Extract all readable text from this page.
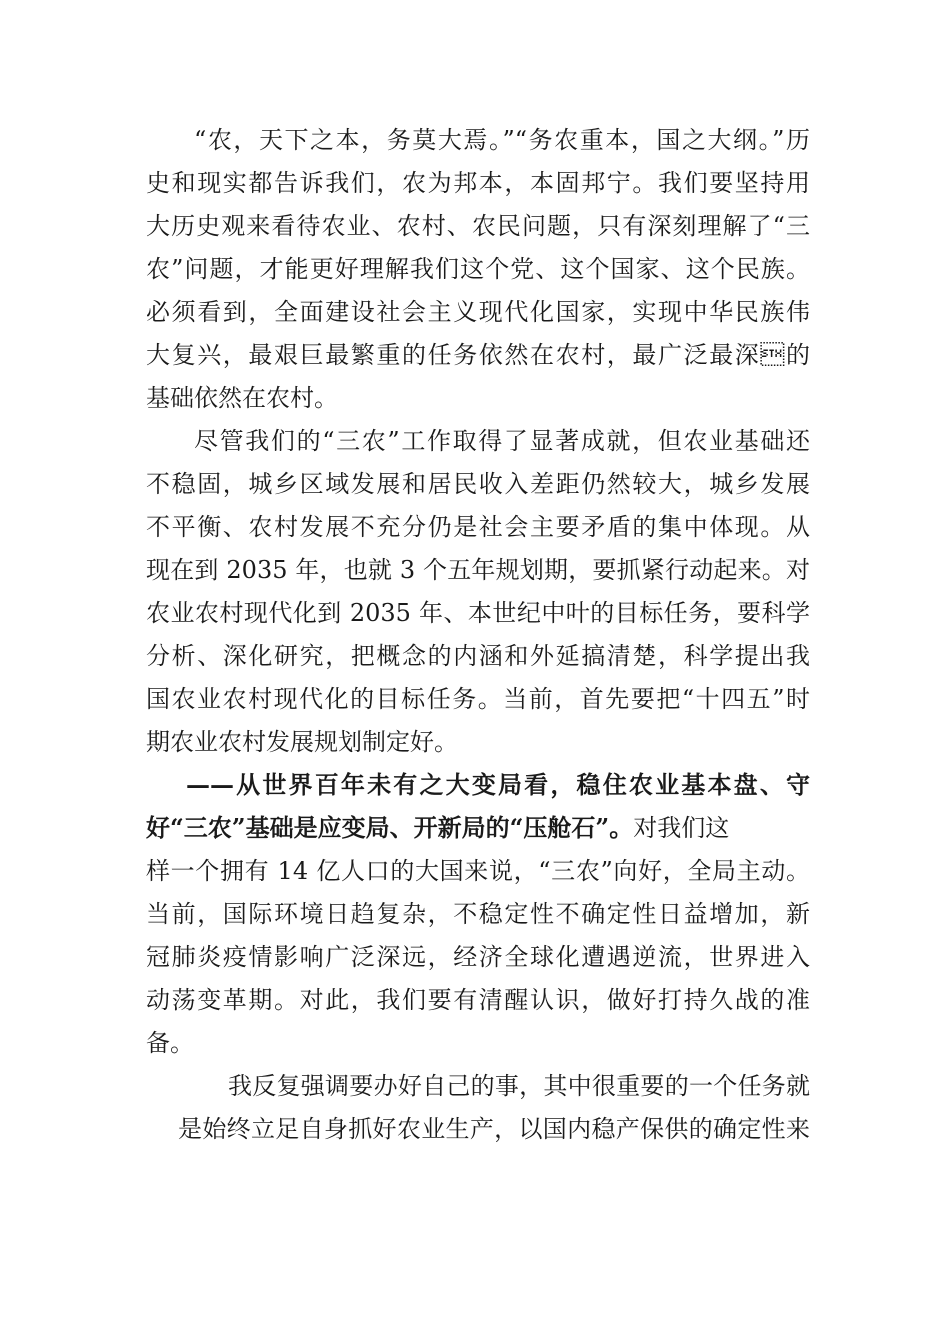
“农，天下之本，务莫大焉。”“务农重本，国之大纲。”历
史和现实都告诉我们，农为邦本，本固邦宁。我们要坚持用
大历史观来看待农业、农村、农民问题，只有深刻理解了“三
农”问题，才能更好理解我们这个党、这个国家、这个民族。
必须看到，全面建设社会主义现代化国家，实现中华民族伟
大复兴，最艰巨最繁重的任务依然在农村，最广泛最深的
基础依然在农村。
尽管我们的“三农”工作取得了显著成就，但农业基础还
不稳固，城乡区域发展和居民收入差距仍然较大，城乡发展
不平衡、农村发展不充分仍是社会主要矛盾的集中体现。从
现在到 2035 年，也就 3 个五年规划期，要抓紧行动起来。对
农业农村现代化到 2035 年、本世纪中叶的目标任务，要科学
分析、深化研究，把概念的内涵和外延搞清楚，科学提出我
国农业农村现代化的目标任务。当前，首先要把“十四五”时
期农业农村发展规划制定好。
——从世界百年未有之大变局看，稳住农业基本盘、守
好“三农”基础是应变局、开新局的“压舱石”。对我们这
样一个拥有 14 亿人口的大国来说，“三农”向好，全局主动。
当前，国际环境日趋复杂，不稳定性不确定性日益增加，新
冠肺炎疫情影响广泛深远，经济全球化遭遇逆流，世界进入
动荡变革期。对此，我们要有清醒认识，做好打持久战的准
备。
我反复强调要办好自己的事，其中很重要的一个任务就
是始终立足自身抓好农业生产，以国内稳产保供的确定性来
